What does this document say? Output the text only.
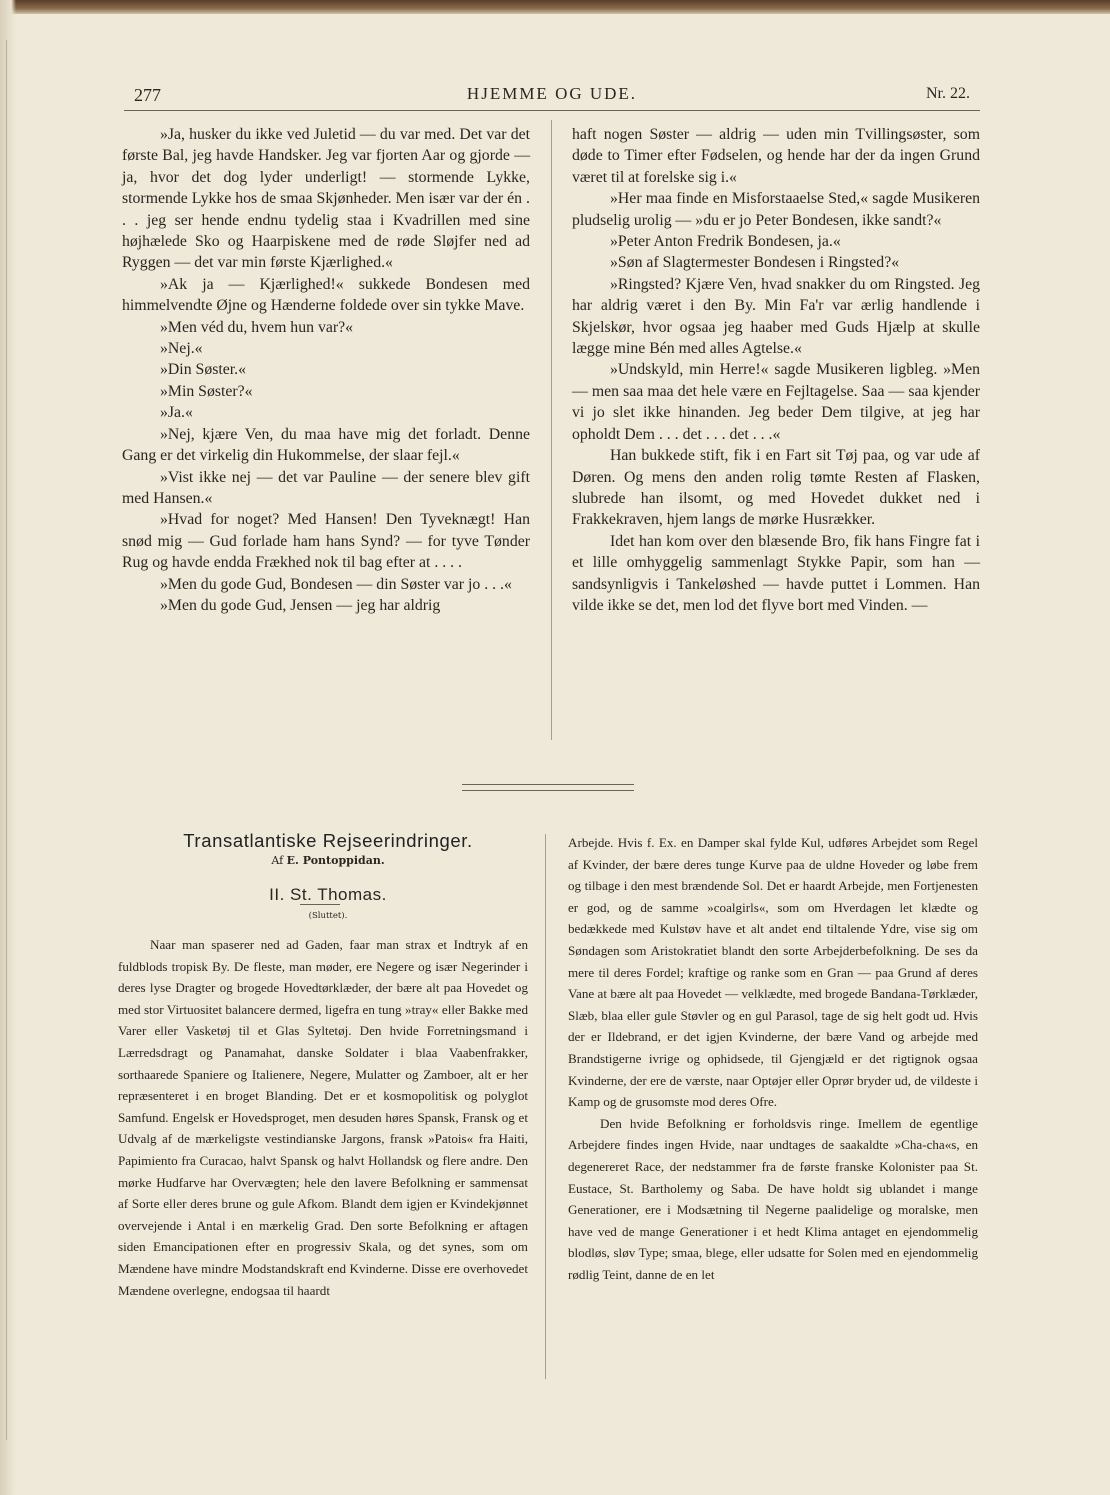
277	HJEMME OG UDE.	Nr. 22.

»Ja, husker du ikke ved Juletid — du var med. Det var det første Bal, jeg havde Handsker. Jeg var fjorten Aar og gjorde — ja, hvor det dog lyder underligt! — stormende Lykke, stormende Lykke hos de smaa Skjønheder. Men især var der én . . . jeg ser hende endnu tydelig staa i Kvadrillen med sine højhælede Sko og Haarpiskene med de røde Sløjfer ned ad Ryggen — det var min første Kjærlighed.«

»Ak ja — Kjærlighed!« sukkede Bondesen med himmelvendte Øjne og Hænderne foldede over sin tykke Mave.

»Men véd du, hvem hun var?«

»Nej.«

»Din Søster.«

»Min Søster?«

»Ja.«

»Nej, kjære Ven, du maa have mig det forladt. Denne Gang er det virkelig din Hukommelse, der slaar fejl.«

»Vist ikke nej — det var Pauline — der senere blev gift med Hansen.«

»Hvad for noget? Med Hansen! Den Tyveknægt! Han snød mig — Gud forlade ham hans Synd? — for tyve Tønder Rug og havde endda Frækhed nok til bag efter at . . . .

»Men du gode Gud, Bondesen — din Søster var jo . . .«

»Men du gode Gud, Jensen — jeg har aldrig

haft nogen Søster — aldrig — uden min Tvillingsøster, som døde to Timer efter Fødselen, og hende har der da ingen Grund været til at forelske sig i.«

»Her maa finde en Misforstaaelse Sted,« sagde Musikeren pludselig urolig — »du er jo Peter Bondesen, ikke sandt?«

»Peter Anton Fredrik Bondesen, ja.«

»Søn af Slagtermester Bondesen i Ringsted?«

»Ringsted? Kjære Ven, hvad snakker du om Ringsted. Jeg har aldrig været i den By. Min Fa'r var ærlig handlende i Skjelskør, hvor ogsaa jeg haaber med Guds Hjælp at skulle lægge mine Bén med alles Agtelse.«

»Undskyld, min Herre!« sagde Musikeren ligbleg. »Men — men saa maa det hele være en Fejltagelse. Saa — saa kjender vi jo slet ikke hinanden. Jeg beder Dem tilgive, at jeg har opholdt Dem . . . det . . . det . . .«

Han bukkede stift, fik i en Fart sit Tøj paa, og var ude af Døren. Og mens den anden rolig tømte Resten af Flasken, slubrede han ilsomt, og med Hovedet dukket ned i Frakkekraven, hjem langs de mørke Husrækker.

Idet han kom over den blæsende Bro, fik hans Fingre fat i et lille omhyggelig sammenlagt Stykke Papir, som han — sandsynligvis i Tankeløshed — havde puttet i Lommen. Han vilde ikke se det, men lod det flyve bort med Vinden. —

Transatlantiske Rejseerindringer.
Af E. Pontoppidan.
II. St. Thomas.
(Sluttet).

Naar man spaserer ned ad Gaden, faar man strax et Indtryk af en fuldblods tropisk By. De fleste, man møder, ere Negere og især Negerinder i deres lyse Dragter og brogede Hovedtørklæder, der bære alt paa Hovedet og med stor Virtuositet balancere dermed, ligefra en tung »tray« eller Bakke med Varer eller Vasketøj til et Glas Syltetøj. Den hvide Forretningsmand i Lærredsdragt og Panamahat, danske Soldater i blaa Vaabenfrakker, sorthaarede Spaniere og Italienere, Negere, Mulatter og Zamboer, alt er her repræsenteret i en broget Blanding. Det er et kosmopolitisk og polyglot Samfund. Engelsk er Hovedsproget, men desuden høres Spansk, Fransk og et Udvalg af de mærkeligste vestindianske Jargons, fransk »Patois« fra Haiti, Papimiento fra Curacao, halvt Spansk og halvt Hollandsk og flere andre. Den mørke Hudfarve har Overvægten; hele den lavere Befolkning er sammensat af Sorte eller deres brune og gule Afkom. Blandt dem igjen er Kvindekjønnet overvejende i Antal i en mærkelig Grad. Den sorte Befolkning er aftagen siden Emancipationen efter en progressiv Skala, og det synes, som om Mændene have mindre Modstandskraft end Kvinderne. Disse ere overhovedet Mændene overlegne, endogsaa til haardt

Arbejde. Hvis f. Ex. en Damper skal fylde Kul, udføres Arbejdet som Regel af Kvinder, der bære deres tunge Kurve paa de uldne Hoveder og løbe frem og tilbage i den mest brændende Sol. Det er haardt Arbejde, men Fortjenesten er god, og de samme »coalgirls«, som om Hverdagen let klædte og bedækkede med Kulstøv have et alt andet end tiltalende Ydre, vise sig om Søndagen som Aristokratiet blandt den sorte Arbejderbefolkning. De ses da mere til deres Fordel; kraftige og ranke som en Gran — paa Grund af deres Vane at bære alt paa Hovedet — velklædte, med brogede Bandana-Tørklæder, Slæb, blaa eller gule Støvler og en gul Parasol, tage de sig helt godt ud. Hvis der er Ildebrand, er det igjen Kvinderne, der bære Vand og arbejde med Brandstigerne ivrige og ophidsede, til Gjengjæld er det rigtignok ogsaa Kvinderne, der ere de værste, naar Optøjer eller Oprør bryder ud, de vildeste i Kamp og de grusomste mod deres Ofre.

Den hvide Befolkning er forholdsvis ringe. Imellem de egentlige Arbejdere findes ingen Hvide, naar undtages de saakaldte »Cha-cha«s, en degenereret Race, der nedstammer fra de første franske Kolonister paa St. Eustace, St. Bartholemy og Saba. De have holdt sig ublandet i mange Generationer, ere i Modsætning til Negerne paalidelige og moralske, men have ved de mange Generationer i et hedt Klima antaget en ejendommelig blodløs, sløv Type; smaa, blege, eller udsatte for Solen med en ejendommelig rødlig Teint, danne de en let
